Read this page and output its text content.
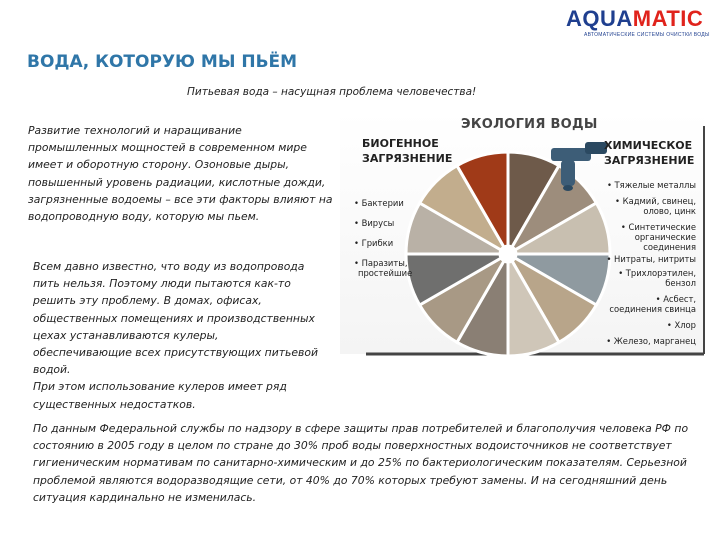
AQUAMATIC
АВТОМАТИЧЕСКИЕ СИСТЕМЫ ОЧИСТКИ ВОДЫ
ВОДА, КОТОРУЮ МЫ ПЬЁМ
Питьевая вода – насущная проблема человечества!

Развитие технологий и наращивание промышленных мощностей в современном мире имеет и оборотную сторону. Озоновые дыры, повышенный уровень радиации, кислотные дожди, загрязненные водоемы – все эти факторы влияют на водопроводную воду, которую мы пьем.

Всем давно известно, что воду из водопровода пить нельзя. Поэтому люди пытаются как-то решить эту проблему. В домах, офисах, общественных помещениях и производственных цехах устанавливаются кулеры, обеспечивающие всех присутствующих питьевой водой.
При этом использование кулеров имеет ряд существенных недостатков.

По данным Федеральной службы по надзору в сфере защиты прав потребителей и благополучия человека РФ по состоянию в 2005 году в целом по стране до 30% проб воды поверхностных водоисточников не соответствует гигиеническим нормативам по санитарно-химическим и до 25% по бактериологическим показателям. Серьезной проблемой являются водоразводящие сети, от 40% до 70% которых требуют замены. И на сегодняшний день ситуация кардинально не изменилась.

ЭКОЛОГИЯ ВОДЫ
БИОГЕННОЕ
ЗАГРЯЗНЕНИЕ
ХИМИЧЕСКОЕ
ЗАГРЯЗНЕНИЕ
• Бактерии
• Вирусы
• Грибки
• Паразиты,
простейшие
• Тяжелые металлы
• Кадмий, свинец,
олово, цинк
• Синтетические
органические
соединения
• Нитраты, нитриты
• Трихлорэтилен,
бензол
• Асбест,
соединения свинца
• Хлор
• Железо, марганец
